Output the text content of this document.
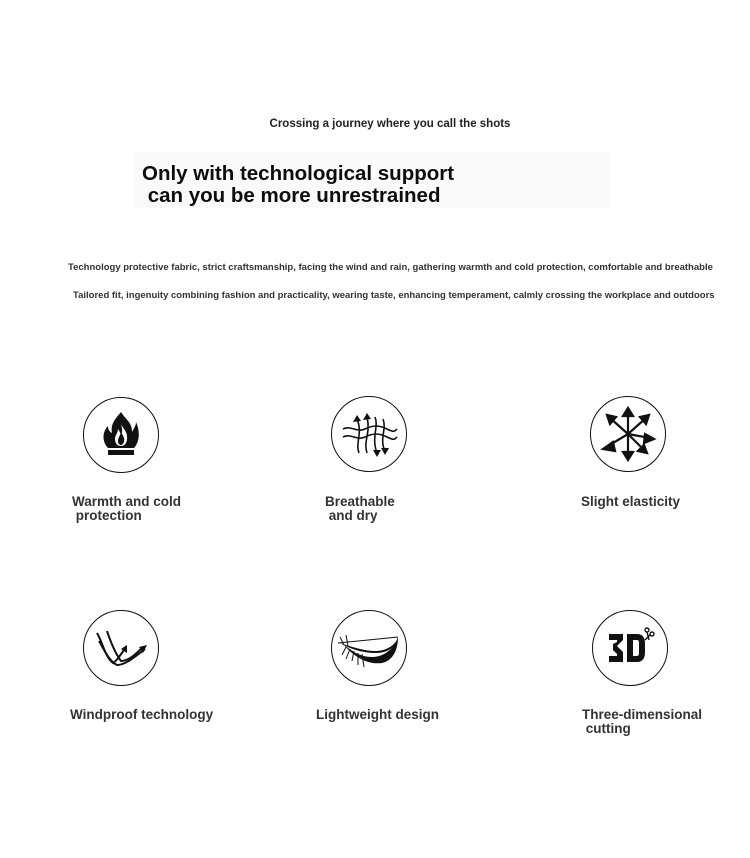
Crossing a journey where you call the shots
Only with technological support
can you be more unrestrained
Technology protective fabric, strict craftsmanship, facing the wind and rain, gathering warmth and cold protection, comfortable and breathable
Tailored fit, ingenuity combining fashion and practicality, wearing taste, enhancing temperament, calmly crossing the workplace and outdoors
Warmth and cold
protection
Breathable
and dry
Slight elasticity
Windproof technology	Lightweight design	Three-dimensional
cutting
